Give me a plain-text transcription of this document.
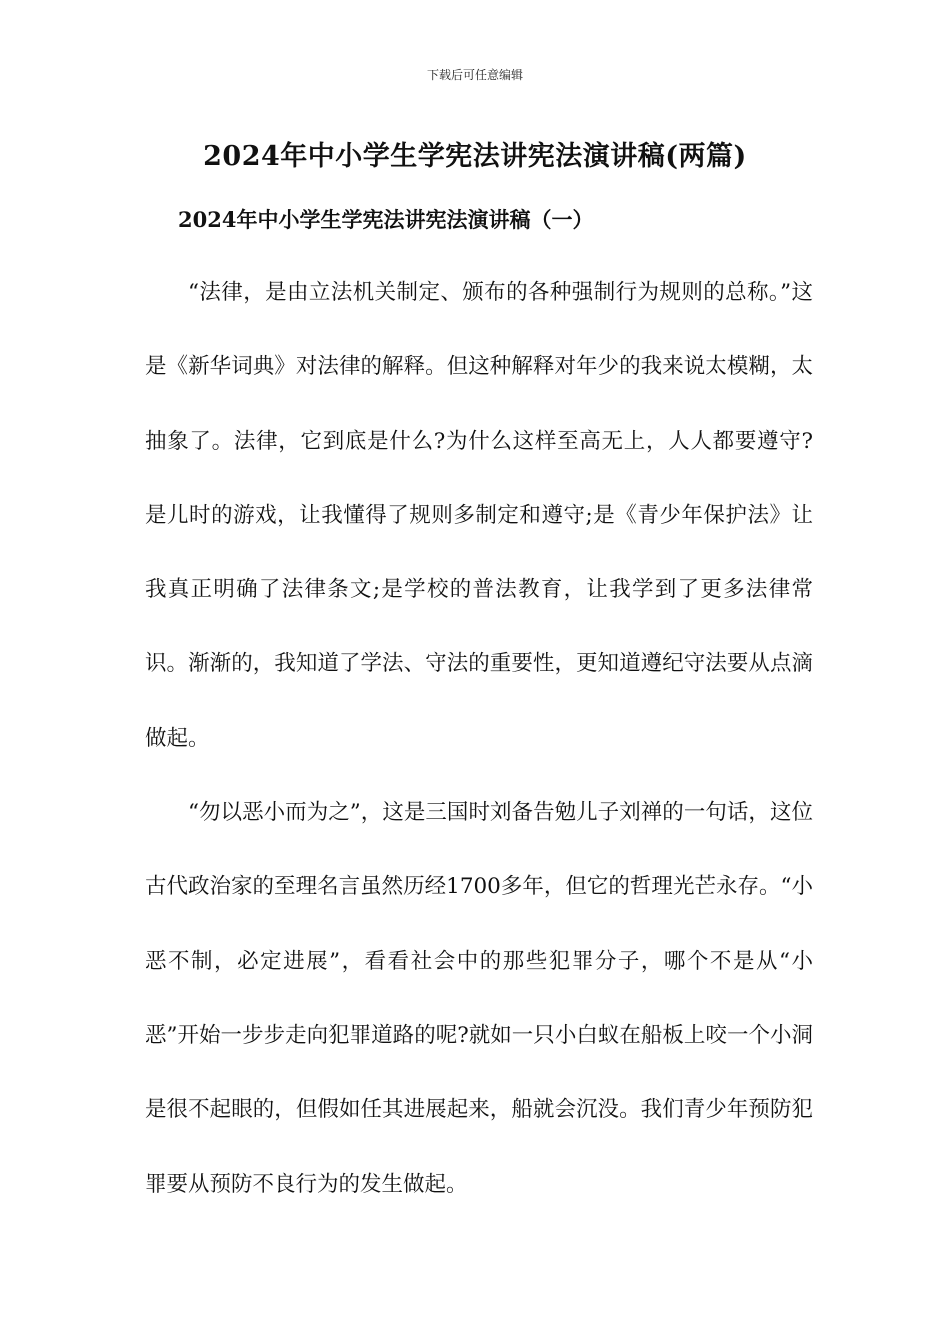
下载后可任意编辑
2024年中小学生学宪法讲宪法演讲稿(两篇)
2024年中小学生学宪法讲宪法演讲稿（一）

“法律，是由立法机关制定、颁布的各种强制行为规则的总称。”这是《新华词典》对法律的解释。但这种解释对年少的我来说太模糊，太抽象了。法律，它到底是什么?为什么这样至高无上，人人都要遵守?是儿时的游戏，让我懂得了规则多制定和遵守;是《青少年保护法》让我真正明确了法律条文;是学校的普法教育，让我学到了更多法律常识。渐渐的，我知道了学法、守法的重要性，更知道遵纪守法要从点滴做起。

“勿以恶小而为之”，这是三国时刘备告勉儿子刘禅的一句话，这位古代政治家的至理名言虽然历经1700多年，但它的哲理光芒永存。“小恶不制，必定进展”，看看社会中的那些犯罪分子，哪个不是从“小恶”开始一步步走向犯罪道路的呢?就如一只小白蚁在船板上咬一个小洞是很不起眼的，但假如任其进展起来，船就会沉没。我们青少年预防犯罪要从预防不良行为的发生做起。
